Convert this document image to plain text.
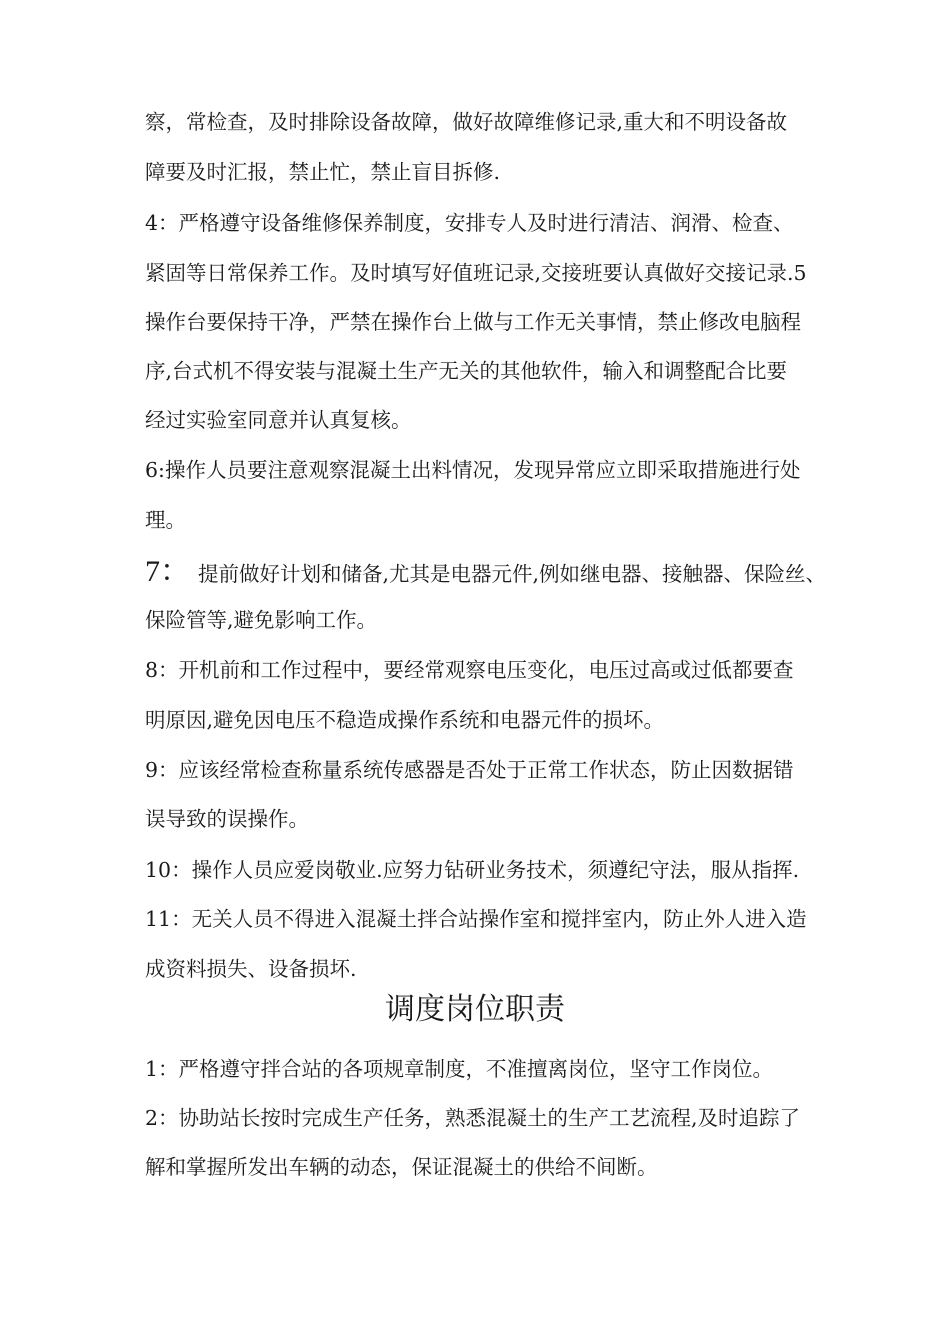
察，常检查，及时排除设备故障，做好故障维修记录,重大和不明设备故
障要及时汇报，禁止忙，禁止盲目拆修.
4：严格遵守设备维修保养制度，安排专人及时进行清洁、润滑、检查、
紧固等日常保养工作。及时填写好值班记录,交接班要认真做好交接记录.5
操作台要保持干净，严禁在操作台上做与工作无关事情，禁止修改电脑程
序,台式机不得安装与混凝土生产无关的其他软件，输入和调整配合比要
经过实验室同意并认真复核。
6:操作人员要注意观察混凝土出料情况，发现异常应立即采取措施进行处
理。
7： 提前做好计划和储备,尤其是电器元件,例如继电器、接触器、保险丝、
保险管等,避免影响工作。
8：开机前和工作过程中，要经常观察电压变化，电压过高或过低都要查
明原因,避免因电压不稳造成操作系统和电器元件的损坏。
9：应该经常检查称量系统传感器是否处于正常工作状态，防止因数据错
误导致的误操作。
10：操作人员应爱岗敬业.应努力钻研业务技术，须遵纪守法，服从指挥.
11：无关人员不得进入混凝土拌合站操作室和搅拌室内，防止外人进入造
成资料损失、设备损坏.
调度岗位职责
1：严格遵守拌合站的各项规章制度，不准擅离岗位，坚守工作岗位。
2：协助站长按时完成生产任务，熟悉混凝土的生产工艺流程,及时追踪了
解和掌握所发出车辆的动态，保证混凝土的供给不间断。
